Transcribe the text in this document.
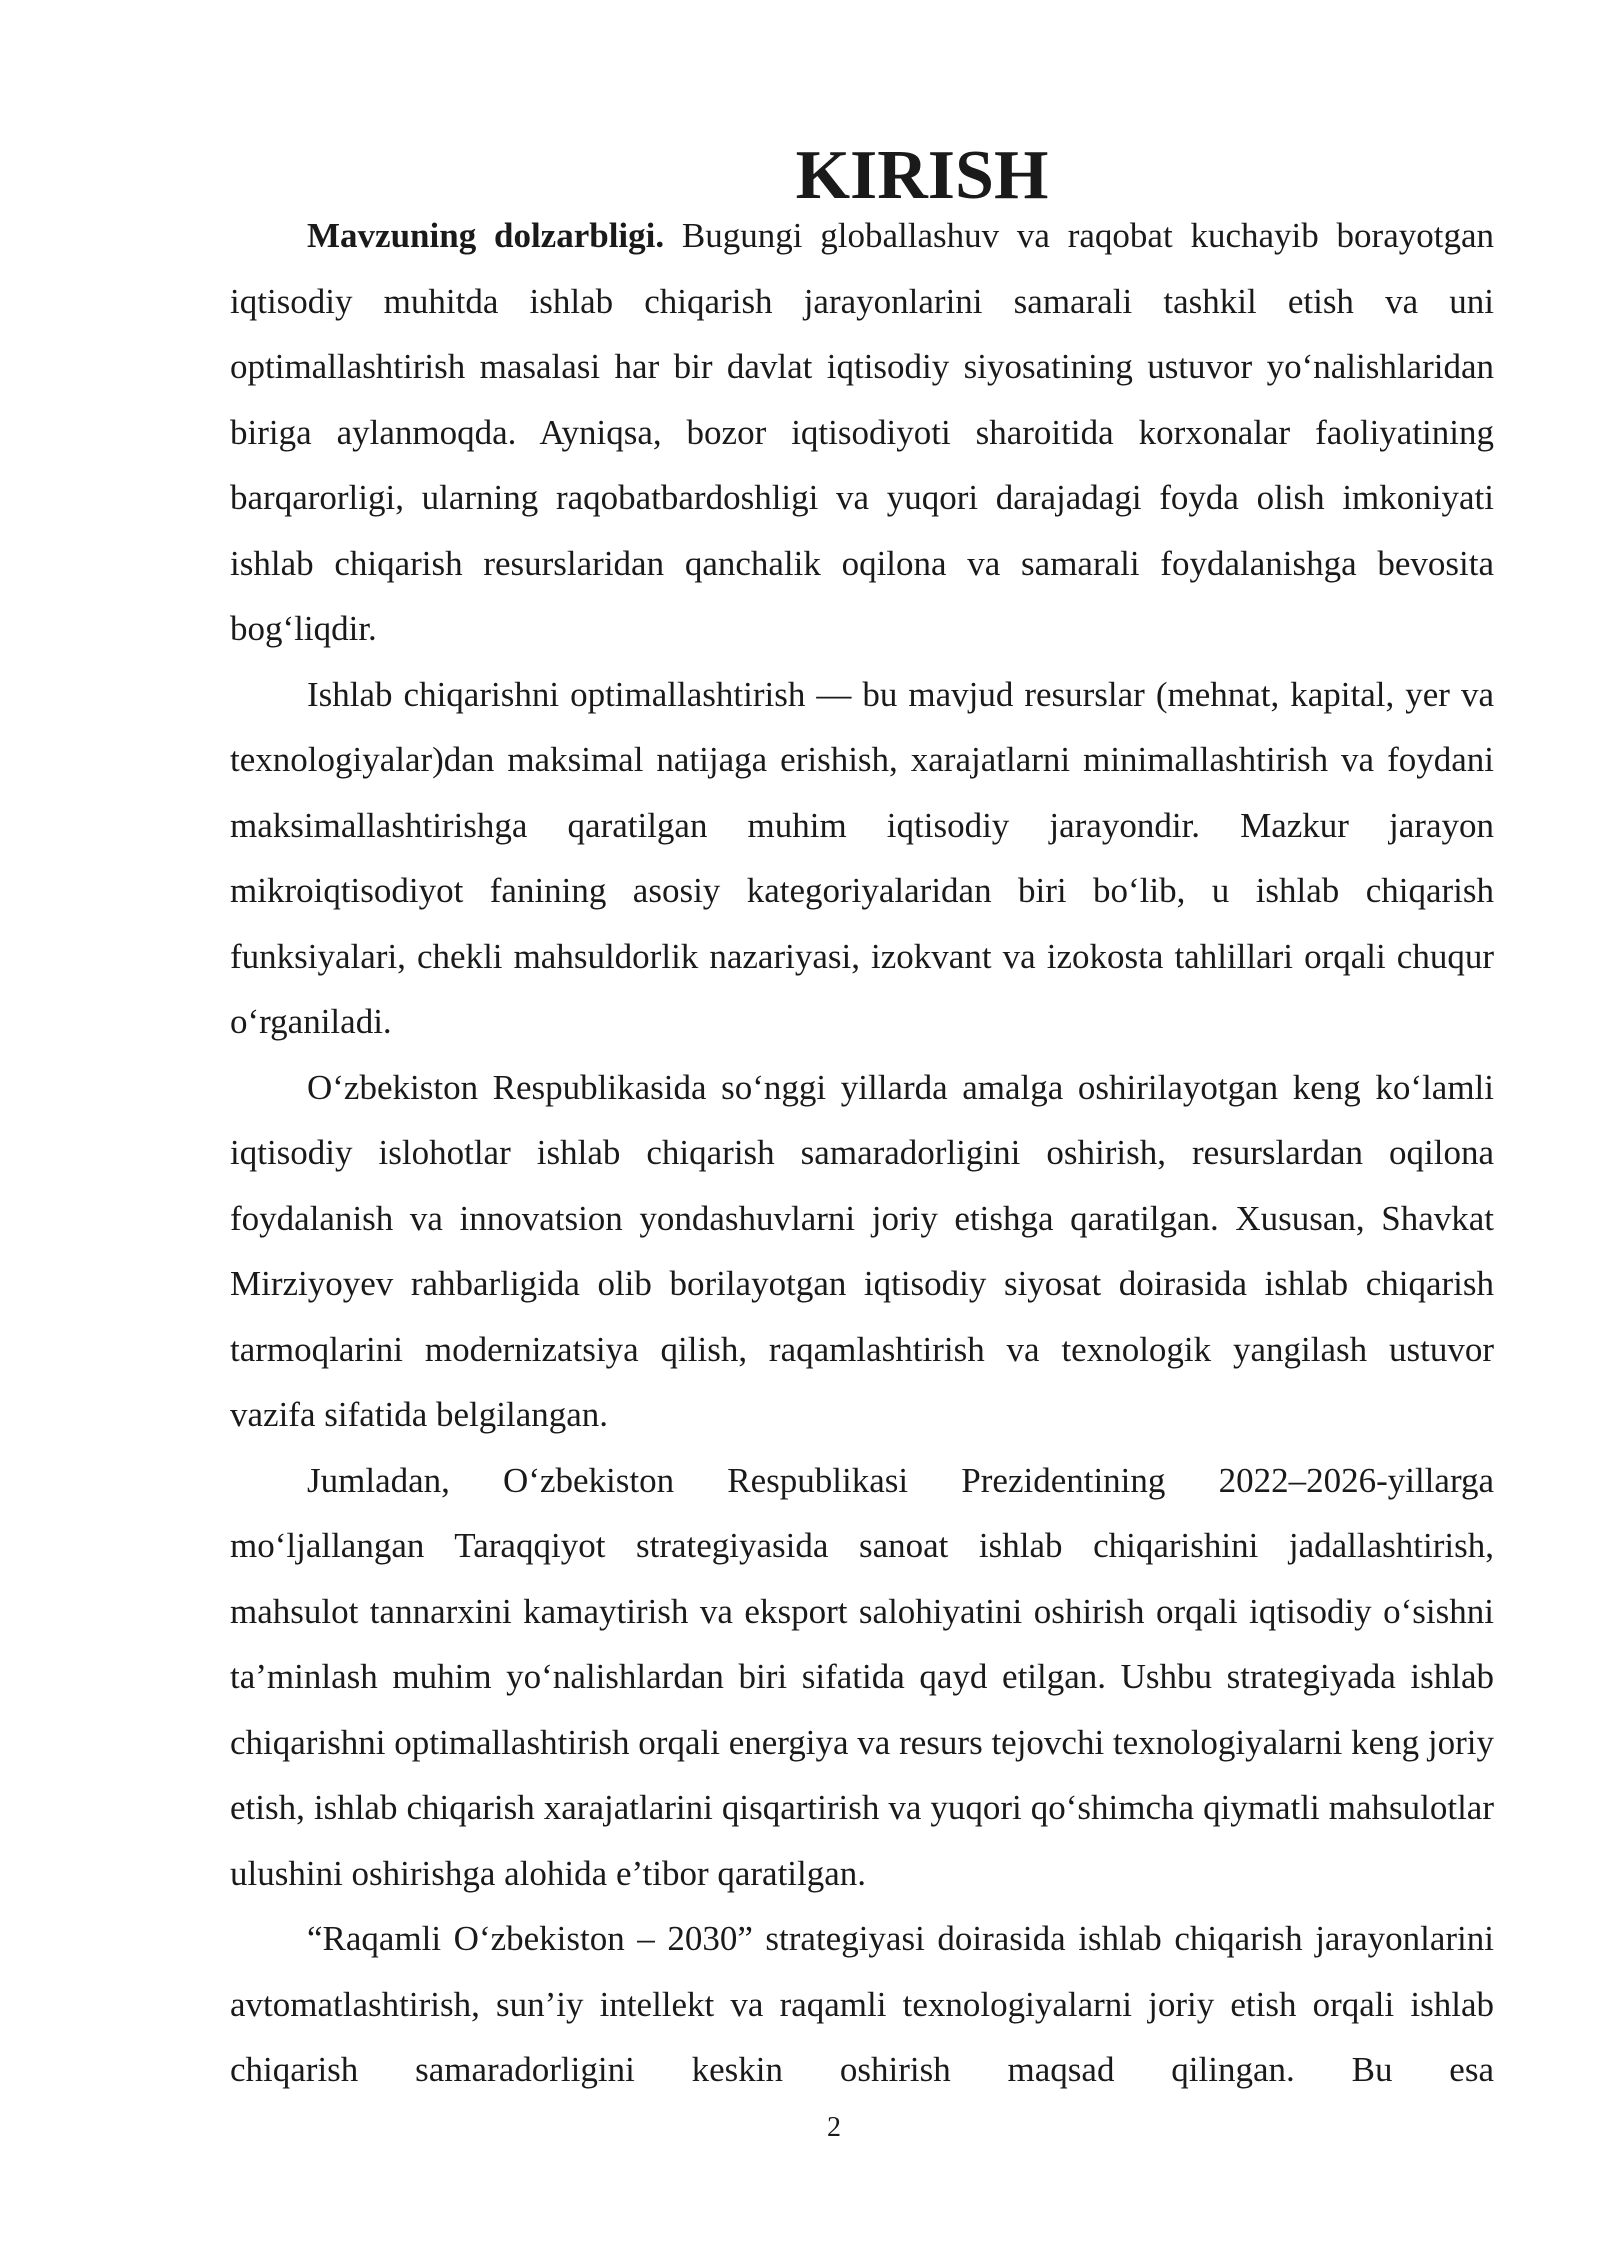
KIRISH

Mavzuning dolzarbligi. Bugungi globallashuv va raqobat kuchayib borayotgan iqtisodiy muhitda ishlab chiqarish jarayonlarini samarali tashkil etish va uni optimallashtirish masalasi har bir davlat iqtisodiy siyosatining ustuvor yo‘nalishlaridan biriga aylanmoqda. Ayniqsa, bozor iqtisodiyoti sharoitida korxonalar faoliyatining barqarorligi, ularning raqobatbardoshligi va yuqori darajadagi foyda olish imkoniyati ishlab chiqarish resurslaridan qanchalik oqilona va samarali foydalanishga bevosita bog‘liqdir.

Ishlab chiqarishni optimallashtirish — bu mavjud resurslar (mehnat, kapital, yer va texnologiyalar)dan maksimal natijaga erishish, xarajatlarni minimallashtirish va foydani maksimallashtirishga qaratilgan muhim iqtisodiy jarayondir. Mazkur jarayon mikroiqtisodiyot fanining asosiy kategoriyalaridan biri bo‘lib, u ishlab chiqarish funksiyalari, chekli mahsuldorlik nazariyasi, izokvant va izokosta tahlillari orqali chuqur o‘rganiladi.

O‘zbekiston Respublikasida so‘nggi yillarda amalga oshirilayotgan keng ko‘lamli iqtisodiy islohotlar ishlab chiqarish samaradorligini oshirish, resurslardan oqilona foydalanish va innovatsion yondashuvlarni joriy etishga qaratilgan. Xususan, Shavkat Mirziyoyev rahbarligida olib borilayotgan iqtisodiy siyosat doirasida ishlab chiqarish tarmoqlarini modernizatsiya qilish, raqamlashtirish va texnologik yangilash ustuvor vazifa sifatida belgilangan.

Jumladan, O‘zbekiston Respublikasi Prezidentining 2022–2026-yillarga mo‘ljallangan Taraqqiyot strategiyasida sanoat ishlab chiqarishini jadallashtirish, mahsulot tannarxini kamaytirish va eksport salohiyatini oshirish orqali iqtisodiy o‘sishni ta’minlash muhim yo‘nalishlardan biri sifatida qayd etilgan. Ushbu strategiyada ishlab chiqarishni optimallashtirish orqali energiya va resurs tejovchi texnologiyalarni keng joriy etish, ishlab chiqarish xarajatlarini qisqartirish va yuqori qo‘shimcha qiymatli mahsulotlar ulushini oshirishga alohida e’tibor qaratilgan.

“Raqamli O‘zbekiston – 2030” strategiyasi doirasida ishlab chiqarish jarayonlarini avtomatlashtirish, sun’iy intellekt va raqamli texnologiyalarni joriy etish orqali ishlab chiqarish samaradorligini keskin oshirish maqsad qilingan. Bu esa

2
